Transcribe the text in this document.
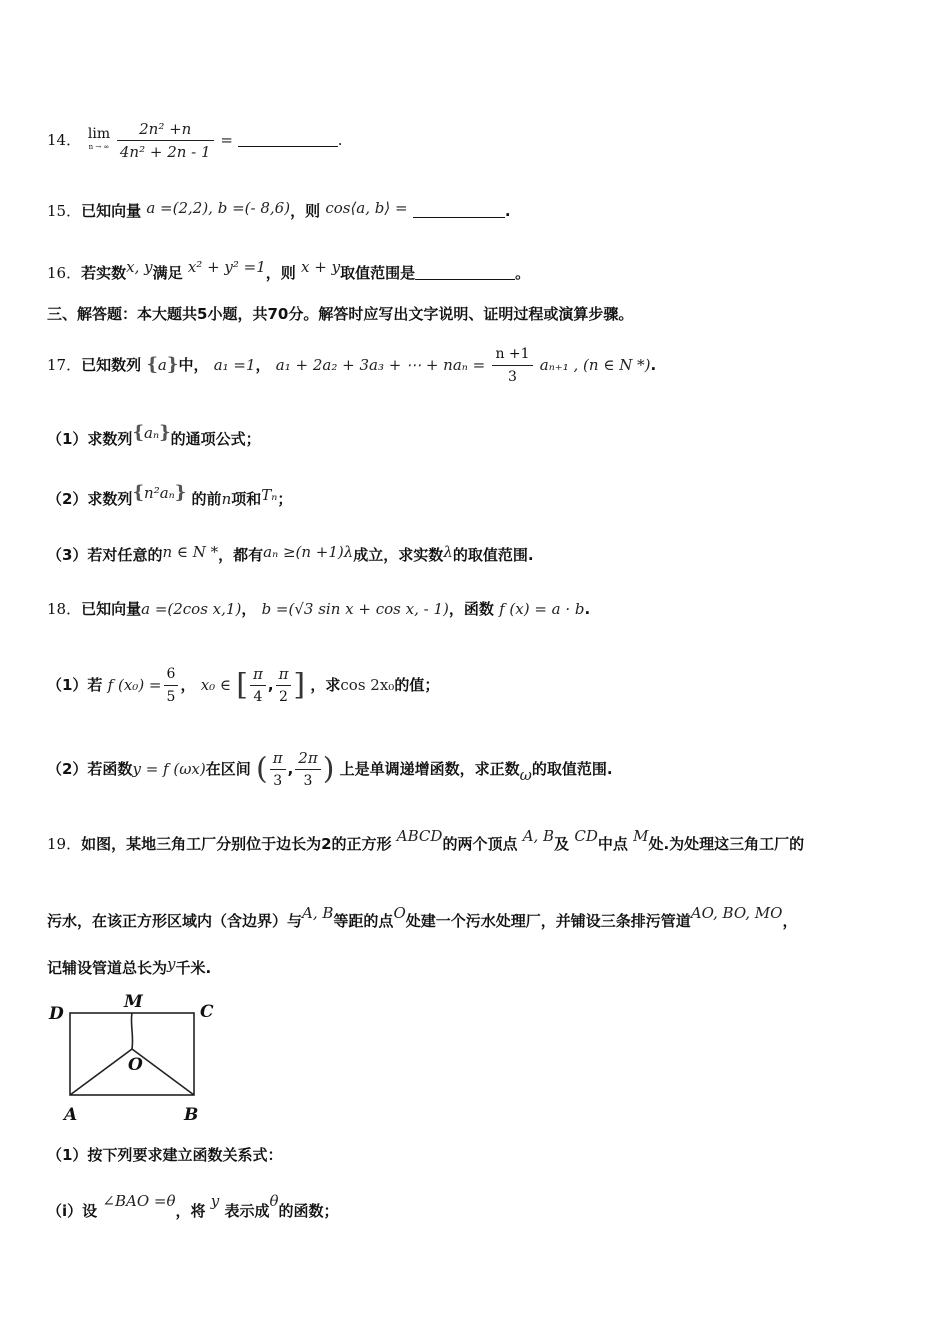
14． lim
n → ∞
$\frac{\text{2n² +n}}{\text{4n² + 2n - 1}}$ =	.
15．已知向量 a =(2,2), b =(- 8,6)，则 cos⟨a, b⟩ =	.
16．若实数x, y满足 x² + y² =1，则 x + y取值范围是	。
三、解答题：本大题共5小题，共70分。解答时应写出文字说明、证明过程或演算步骤。
17．已知数列 {a}中， a₁ =1， a₁ + 2a₂ + 3a₃ + ⋯ + $na_n = \frac{n +1}{3} a_{n+1}$ , (n ∈ N *).
（1）求数列{aₙ}的通项公式；
（2）求数列{n²aₙ} 的前n项和Tₙ；
（3）若对任意的n ∈ N *，都有aₙ ≥(n +1)λ成立，求实数λ的取值范围.
18．已知向量a =(2cos x,1)， b =(√3 sin x + cos x, - 1)，函数 f (x) = a · b.
（1）若 f $(x_0) = \frac{6}{5}$ ， x₀ ∈ [ $\frac{\pi}{4}$ , $\frac{\pi}{2}$ ] ，求cos 2x₀的值；
（2）若函数y = f (ωx)在区间 ( $\frac{\pi}{3}$ , $\frac{2\pi}{3}$ ) 上是单调递增函数，求正数ω的取值范围.
19．如图，某地三角工厂分别位于边长为2的正方形 ABCD的两个顶点 A, B及 CD中点 M处.为处理这三角工厂的
污水，在该正方形区域内（含边界）与A, B等距的点O处建一个污水处理厂，并铺设三条排污管道AO, BO, MO，
记辅设管道总长为y千米.
D
M	C
O
A	B
（1）按下列要求建立函数关系式：
（i）设 ∠BAO =θ，将 y 表示成θ的函数；
